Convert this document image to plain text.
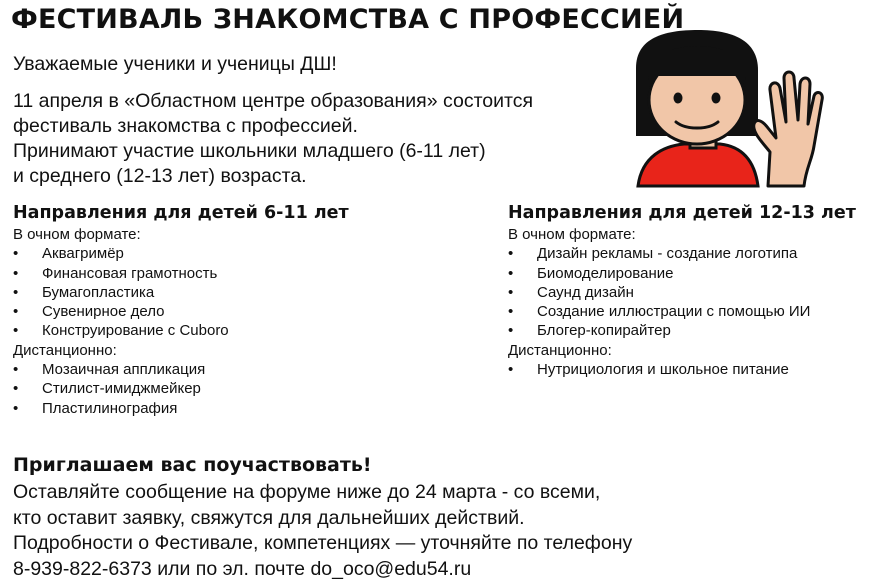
ФЕСТИВАЛЬ ЗНАКОМСТВА С ПРОФЕССИЕЙ
Уважаемые ученики и ученицы ДШ!
11 апреля в «Областном центре образования» состоится
фестиваль знакомства с профессией.
Принимают участие школьники младшего (6-11 лет)
и среднего (12-13 лет) возраста.
Направления для детей 6-11 лет
В очном формате:
• Аквагримёр
• Финансовая грамотность
• Бумагопластика
• Сувенирное дело
• Конструирование с Cuboro
Дистанционно:
• Мозаичная аппликация
• Стилист-имиджмейкер
• Пластилинография
Направления для детей 12-13 лет
В очном формате:
• Дизайн рекламы - создание логотипа
• Биомоделирование
• Саунд дизайн
• Создание иллюстрации с помощью ИИ
• Блогер-копирайтер
Дистанционно:
• Нутрициология и школьное питание
Приглашаем вас поучаствовать!
Оставляйте сообщение на форуме ниже до 24 марта - со всеми,
кто оставит заявку, свяжутся для дальнейших действий.
Подробности о Фестивале, компетенциях — уточняйте по телефону
8-939-822-6373 или по эл. почте do_oco@edu54.ru
